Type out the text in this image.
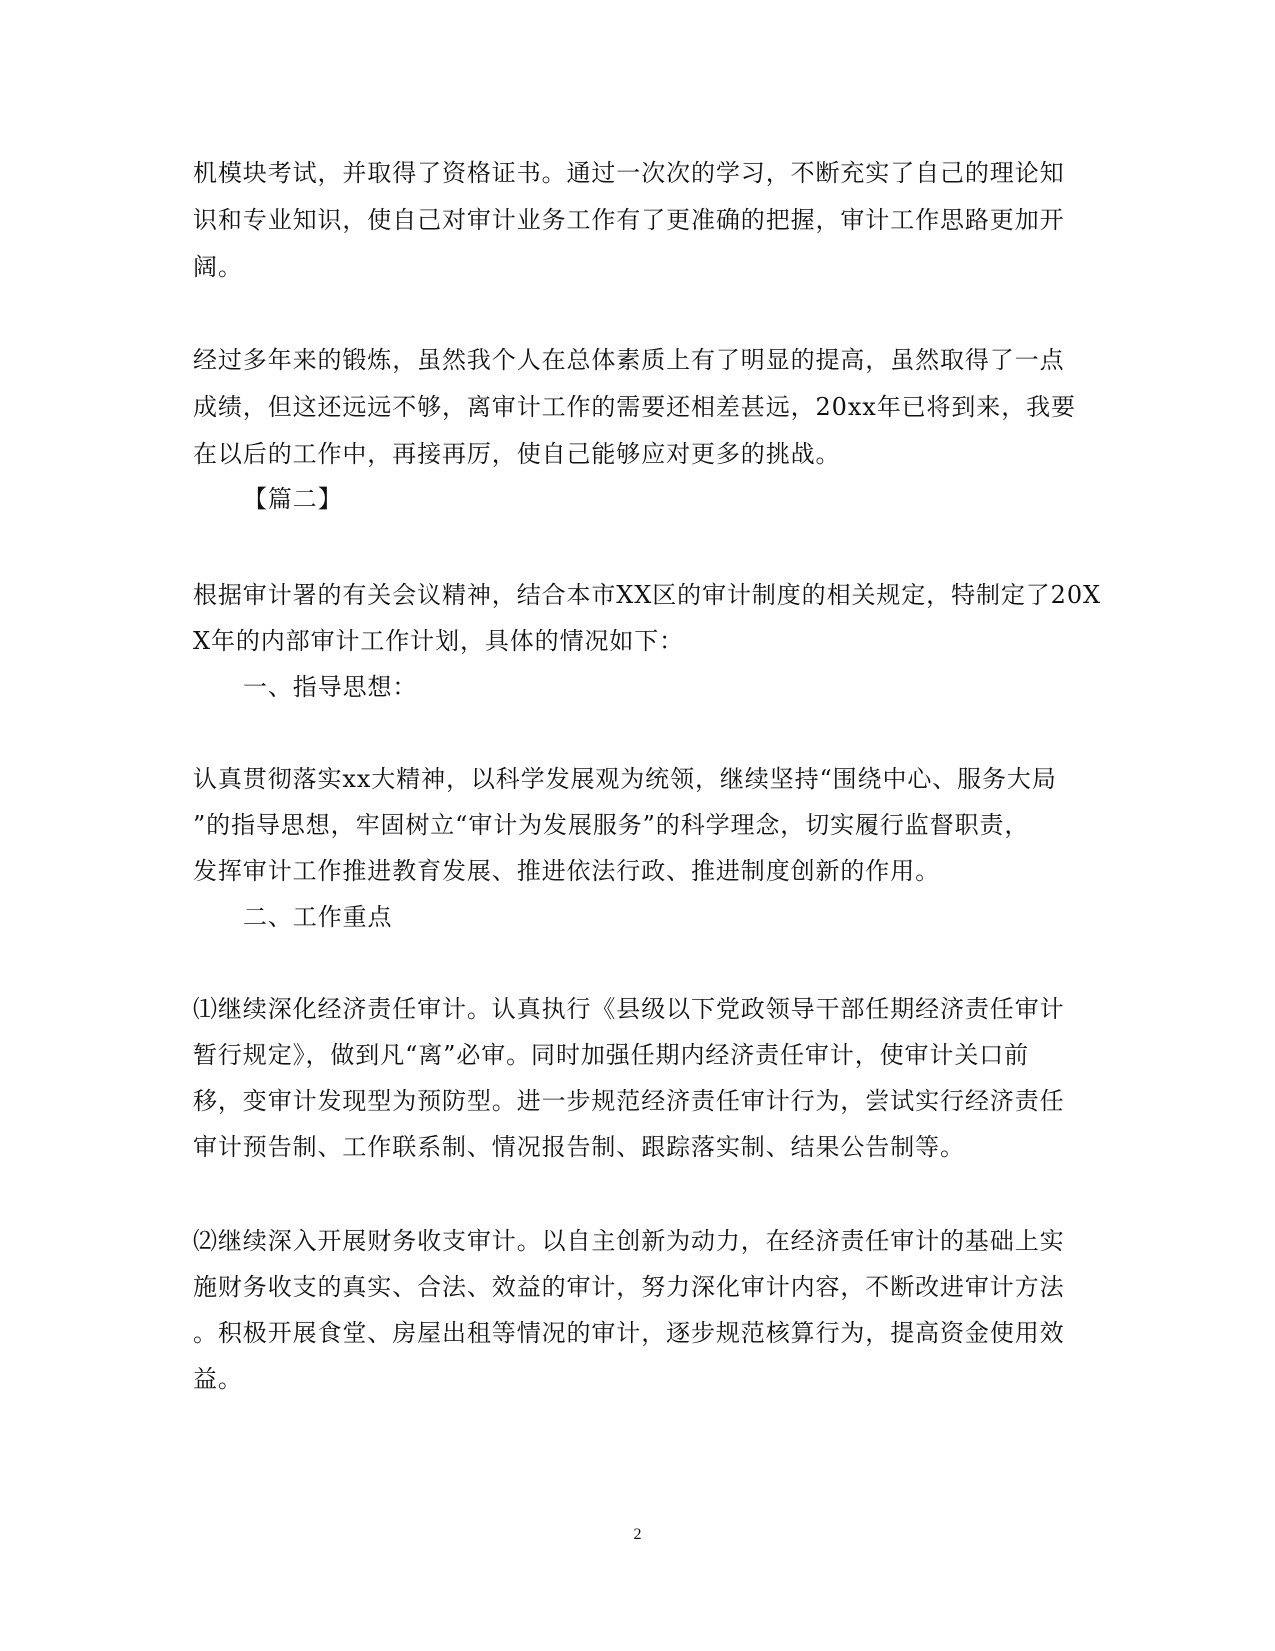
机模块考试，并取得了资格证书。通过一次次的学习，不断充实了自己的理论知
识和专业知识，使自己对审计业务工作有了更准确的把握，审计工作思路更加开
阔。
经过多年来的锻炼，虽然我个人在总体素质上有了明显的提高，虽然取得了一点
成绩，但这还远远不够，离审计工作的需要还相差甚远，20xx年已将到来，我要
在以后的工作中，再接再厉，使自己能够应对更多的挑战。
【篇二】
根据审计署的有关会议精神，结合本市XX区的审计制度的相关规定，特制定了20X
X年的内部审计工作计划，具体的情况如下：
一、指导思想：
认真贯彻落实xx大精神，以科学发展观为统领，继续坚持“围绕中心、服务大局
”的指导思想，牢固树立“审计为发展服务”的科学理念，切实履行监督职责，
发挥审计工作推进教育发展、推进依法行政、推进制度创新的作用。
二、工作重点
⑴继续深化经济责任审计。认真执行《县级以下党政领导干部任期经济责任审计
暂行规定》，做到凡“离”必审。同时加强任期内经济责任审计，使审计关口前
移，变审计发现型为预防型。进一步规范经济责任审计行为，尝试实行经济责任
审计预告制、工作联系制、情况报告制、跟踪落实制、结果公告制等。
⑵继续深入开展财务收支审计。以自主创新为动力，在经济责任审计的基础上实
施财务收支的真实、合法、效益的审计，努力深化审计内容，不断改进审计方法
。积极开展食堂、房屋出租等情况的审计，逐步规范核算行为，提高资金使用效
益。
2
